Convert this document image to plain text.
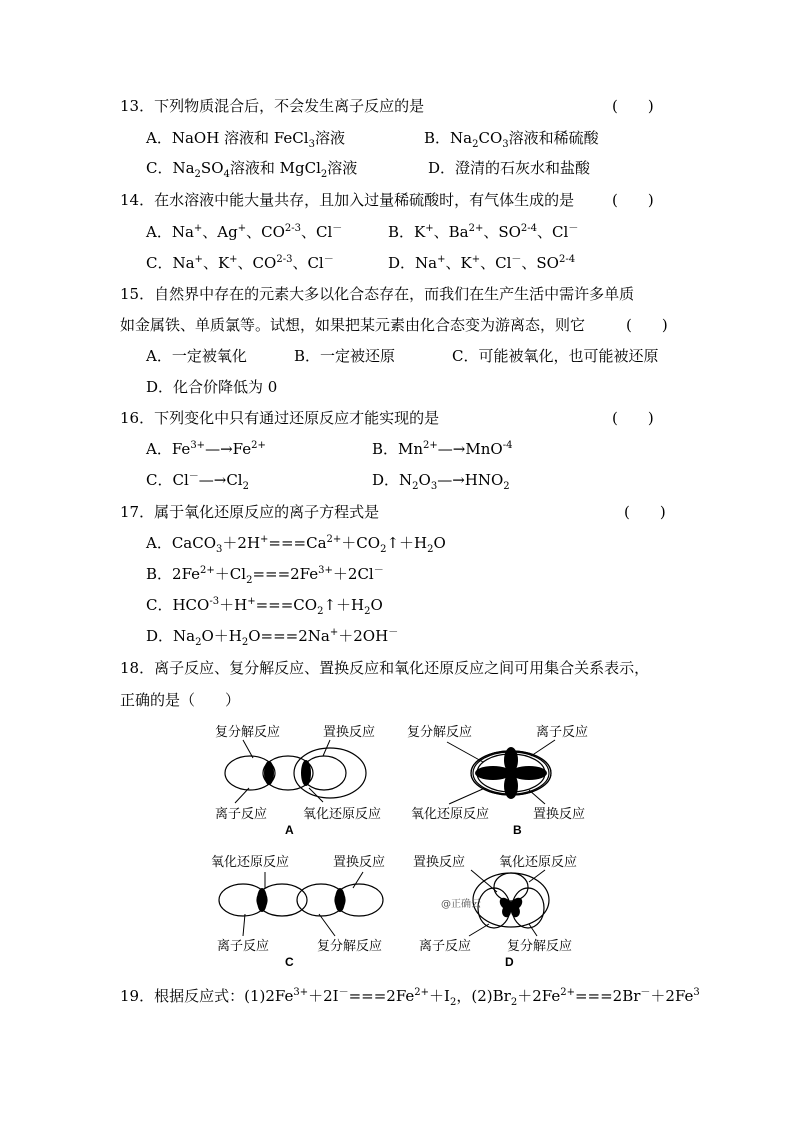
13．下列物质混合后，不会发生离子反应的是	(　　)
A．NaOH 溶液和 FeCl$_3$溶液	B．$Na_2CO_3$溶液和稀硫酸
C．$Na_2SO_4$溶液和 MgCl$_2$溶液	D．澄清的石灰水和盐酸
14．在水溶液中能大量共存，且加入过量稀硫酸时，有气体生成的是	(　　)
A．Na+、Ag+、CO$^{2-3}$、Cl－	B．K+、$Ba^{2+}$、SO$^{2-4}$、Cl－
C．Na+、K+、CO$^{2-3}$、Cl－	D．Na+、K+、Cl－、SO$^{2-4}$
15．自然界中存在的元素大多以化合态存在，而我们在生产生活中需许多单质
如金属铁、单质氯等。试想，如果把某元素由化合态变为游离态，则它	(　　)
A．一定被氧化	B．一定被还原	C．可能被氧化，也可能被还原
D．化合价降低为 0
16．下列变化中只有通过还原反应才能实现的是	(　　)
A．$Fe^{3+}—\to Fe^{2+}$	B．$Mn^{2+}—\to MnO^{-4}$
C．$Cl^-—\to Cl_2$	D．$N_2O_3—\to HNO_2$
17．属于氧化还原反应的离子方程式是	(　　)
A．$CaCO_3+2H^+===Ca^{2+}+CO_2↑+H_2O$
B．$2Fe^{2+}+Cl_2===2Fe^{3+}+2Cl^-$
C．$HCO^{-3}+H^+===CO_2↑+H_2O$
D．$Na_2O+H_2O===2Na^++2OH^-$
18．离子反应、复分解反应、置换反应和氧化还原反应之间可用集合关系表示，
正确的是（　　）
复分解反应	置换反应
离子反应	氧化还原反应
A
复分解反应	离子反应
氧化还原反应	置换反应
B
氧化还原反应	置换反应
离子反应	复分解反应
C
置换反应	氧化还原反应
离子反应	复分解反应
@正确云
D
19．根据反应式：$(1)2Fe^{3+}+2I^-===2Fe^{2+}+I_2$，$(2)Br_2+2Fe^{2+}===2Br^-+2Fe^3$
